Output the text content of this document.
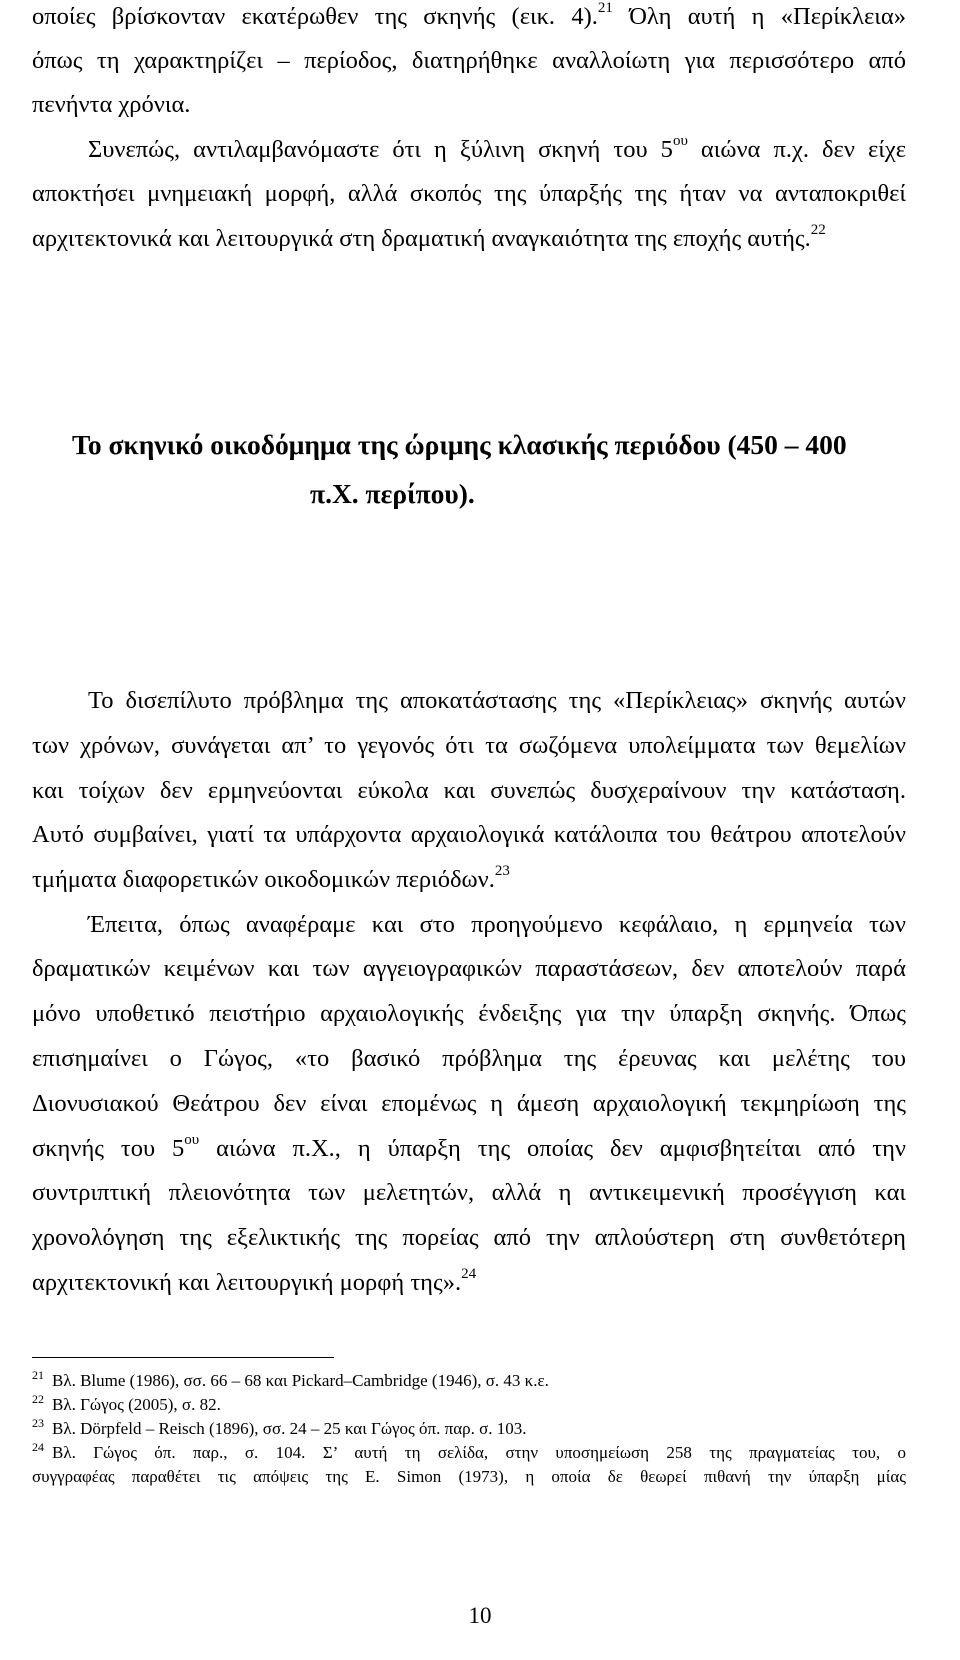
οποίες βρίσκονταν εκατέρωθεν της σκηνής (εικ. 4).$^{21}$ Όλη αυτή η «Περίκλεια»
όπως τη χαρακτηρίζει – περίοδος, διατηρήθηκε αναλλοίωτη για περισσότερο από
πενήντα χρόνια.
Συνεπώς, αντιλαμβανόμαστε ότι η ξύλινη σκηνή του $5^{o\upsilon}$ αιώνα π.χ. δεν είχε
αποκτήσει μνημειακή μορφή, αλλά σκοπός της ύπαρξής της ήταν να ανταποκριθεί
αρχιτεκτονικά και λειτουργικά στη δραματική αναγκαιότητα της εποχής αυτής.$^{22}$
Το σκηνικό οικοδόμημα της ώριμης κλασικής περιόδου (450 – 400
π.Χ. περίπου).
Το δισεπίλυτο πρόβλημα της αποκατάστασης της «Περίκλειας» σκηνής αυτών
των χρόνων, συνάγεται απ’ το γεγονός ότι τα σωζόμενα υπολείμματα των θεμελίων
και τοίχων δεν ερμηνεύονται εύκολα και συνεπώς δυσχεραίνουν την κατάσταση.
Αυτό συμβαίνει, γιατί τα υπάρχοντα αρχαιολογικά κατάλοιπα του θεάτρου αποτελούν
τμήματα διαφορετικών οικοδομικών περιόδων.$^{23}$
Έπειτα, όπως αναφέραμε και στο προηγούμενο κεφάλαιο, η ερμηνεία των
δραματικών κειμένων και των αγγειογραφικών παραστάσεων, δεν αποτελούν παρά
μόνο υποθετικό πειστήριο αρχαιολογικής ένδειξης για την ύπαρξη σκηνής. Όπως
επισημαίνει ο Γώγος, «το βασικό πρόβλημα της έρευνας και μελέτης του
Διονυσιακού Θεάτρου δεν είναι επομένως η άμεση αρχαιολογική τεκμηρίωση της
σκηνής του $5^{o\upsilon}$ αιώνα π.Χ., η ύπαρξη της οποίας δεν αμφισβητείται από την
συντριπτική πλειονότητα των μελετητών, αλλά η αντικειμενική προσέγγιση και
χρονολόγηση της εξελικτικής της πορείας από την απλούστερη στη συνθετότερη
αρχιτεκτονική και λειτουργική μορφή της».$^{24}$
$^{21}$ Βλ. Blume (1986), σσ. 66 – 68 και Pickard–Cambridge (1946), σ. 43 κ.ε.
$^{22}$ Βλ. Γώγος (2005), σ. 82.
$^{23}$ Βλ. Dörpfeld – Reisch (1896), σσ. 24 – 25 και Γώγος όπ. παρ. σ. 103.
$^{24}$ Βλ. Γώγος όπ. παρ., σ. 104. Σ’ αυτή τη σελίδα, στην υποσημείωση 258 της πραγματείας του, ο
συγγραφέας παραθέτει τις απόψεις της E. Simon (1973), η οποία δε θεωρεί πιθανή την ύπαρξη μίας
10
